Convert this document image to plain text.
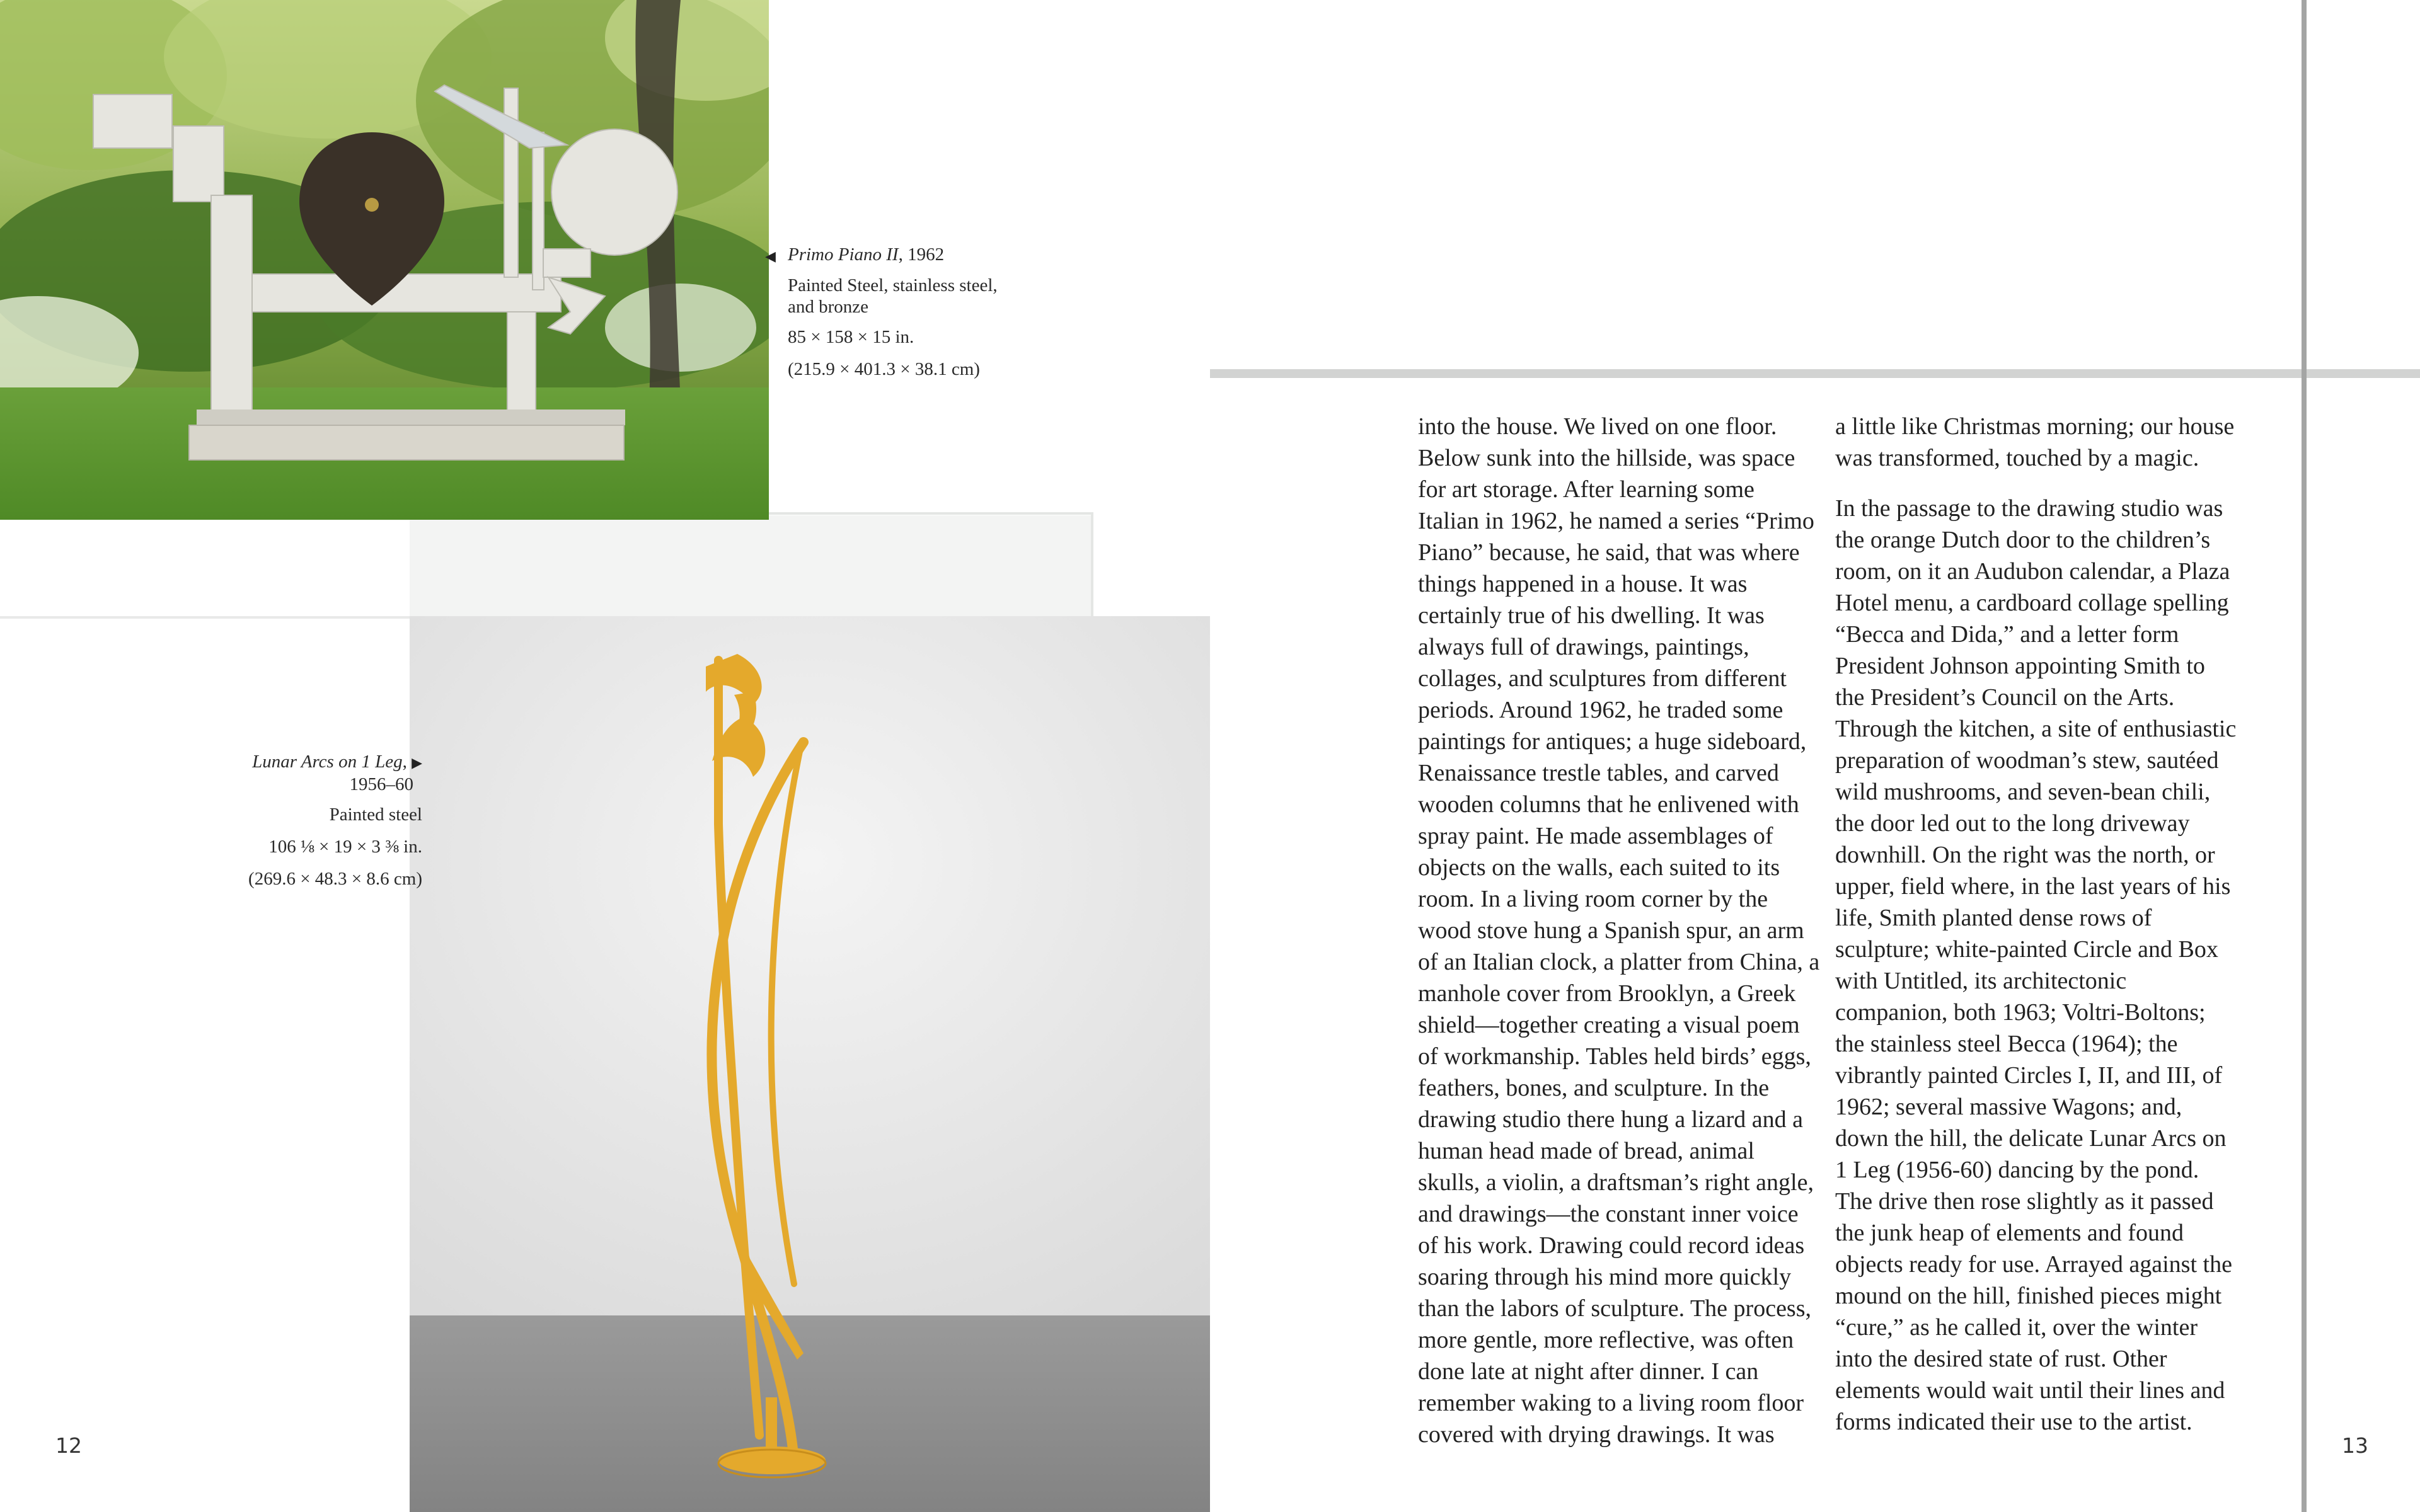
◀ Primo Piano II, 1962

Painted Steel, stainless steel, and bronze

85 × 158 × 15 in.

(215.9 × 401.3 × 38.1 cm)

Lunar Arcs on 1 Leg, ▶
1956–60

Painted steel

106 ⅛ × 19 × 3 ⅜ in.

(269.6 × 48.3 × 8.6 cm)

into the house. We lived on one floor. Below sunk into the hillside, was space for art storage. After learning some Italian in 1962, he named a series “Primo Piano” because, he said, that was where things happened in a house. It was certainly true of his dwelling. It was always full of drawings, paintings, collages, and sculptures from different periods. Around 1962, he traded some paintings for antiques; a huge sideboard, Renaissance trestle tables, and carved wooden columns that he enlivened with spray paint. He made assemblages of objects on the walls, each suited to its room. In a living room corner by the wood stove hung a Spanish spur, an arm of an Italian clock, a platter from China, a manhole cover from Brooklyn, a Greek shield—together creating a visual poem of workmanship. Tables held birds’ eggs, feathers, bones, and sculpture. In the drawing studio there hung a lizard and a human head made of bread, animal skulls, a violin, a draftsman’s right angle, and drawings—the constant inner voice of his work. Drawing could record ideas soaring through his mind more quickly than the labors of sculpture. The process, more gentle, more reflective, was often done late at night after dinner. I can remember waking to a living room floor covered with drying drawings. It was

a little like Christmas morning; our house was transformed, touched by a magic.

In the passage to the drawing studio was the orange Dutch door to the children’s room, on it an Audubon calendar, a Plaza Hotel menu, a cardboard collage spelling “Becca and Dida,” and a letter form President Johnson appointing Smith to the President’s Council on the Arts. Through the kitchen, a site of enthusiastic preparation of woodman’s stew, sautéed wild mushrooms, and seven-bean chili, the door led out to the long driveway downhill. On the right was the north, or upper, field where, in the last years of his life, Smith planted dense rows of sculpture; white-painted Circle and Box with Untitled, its architectonic companion, both 1963; Voltri-Boltons; the stainless steel Becca (1964); the vibrantly painted Circles I, II, and III, of 1962; several massive Wagons; and, down the hill, the delicate Lunar Arcs on 1 Leg (1956-60) dancing by the pond. The drive then rose slightly as it passed the junk heap of elements and found objects ready for use. Arrayed against the mound on the hill, finished pieces might “cure,” as he called it, over the winter into the desired state of rust. Other elements would wait until their lines and forms indicated their use to the artist.

12	13
